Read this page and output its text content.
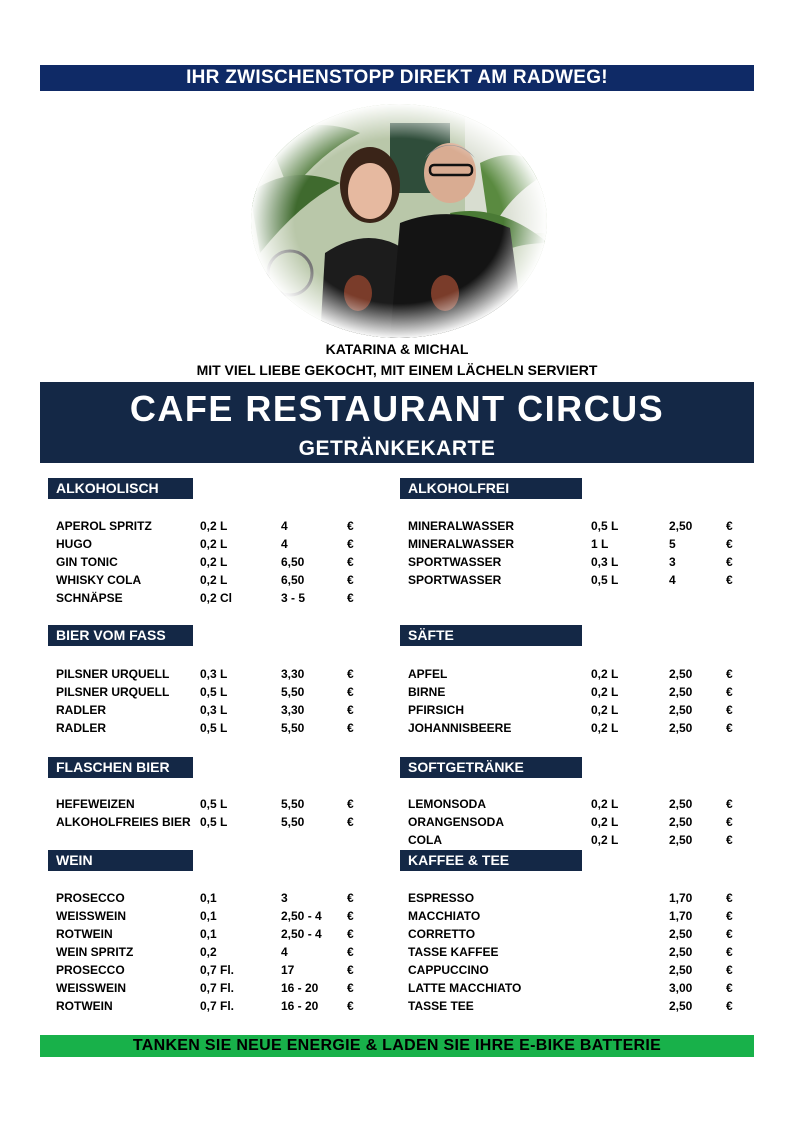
IHR ZWISCHENSTOPP DIREKT AM RADWEG!
KATARINA & MICHAL
MIT VIEL LIEBE GEKOCHT, MIT EINEM LÄCHELN SERVIERT
CAFE RESTAURANT CIRCUS
GETRÄNKEKARTE
ALKOHOLISCH
BIER VOM FASS
FLASCHEN BIER
WEIN
ALKOHOLFREI
SÄFTE
SOFTGETRÄNKE
KAFFEE & TEE
APEROL SPRITZ	0,2 L	4	€
HUGO	0,2 L	4	€
GIN TONIC	0,2 L	6,50	€
WHISKY COLA	0,2 L	6,50	€
SCHNÄPSE	0,2 Cl	3 - 5	€
PILSNER URQUELL	0,3 L	3,30	€
PILSNER URQUELL	0,5 L	5,50	€
RADLER	0,3 L	3,30	€
RADLER	0,5 L	5,50	€
HEFEWEIZEN	0,5 L	5,50	€
ALKOHOLFREIES BIER 0,5 L	5,50	€
PROSECCO	0,1	3	€
WEISSWEIN	0,1	2,50 - 4 €
ROTWEIN	0,1	2,50 - 4 €
WEIN SPRITZ	0,2	4	€
PROSECCO	0,7 Fl.	17	€
WEISSWEIN	0,7 Fl.	16 - 20 €
ROTWEIN	0,7 Fl.	16 - 20 €
MINERALWASSER	0,5 L	2,50	€
MINERALWASSER	1 L	5	€
SPORTWASSER	0,3 L	3	€
SPORTWASSER	0,5 L	4	€
APFEL	0,2 L	2,50	€
BIRNE	0,2 L	2,50	€
PFIRSICH	0,2 L	2,50	€
JOHANNISBEERE	0,2 L	2,50	€
LEMONSODA	0,2 L	2,50	€
ORANGENSODA	0,2 L	2,50	€
COLA	0,2 L	2,50	€
ESPRESSO	1,70	€
MACCHIATO	1,70	€
CORRETTO	2,50	€
TASSE KAFFEE	2,50	€
CAPPUCCINO	2,50	€
LATTE MACCHIATO	3,00	€
TASSE TEE	2,50	€
TANKEN SIE NEUE ENERGIE & LADEN SIE IHRE E-BIKE BATTERIE
